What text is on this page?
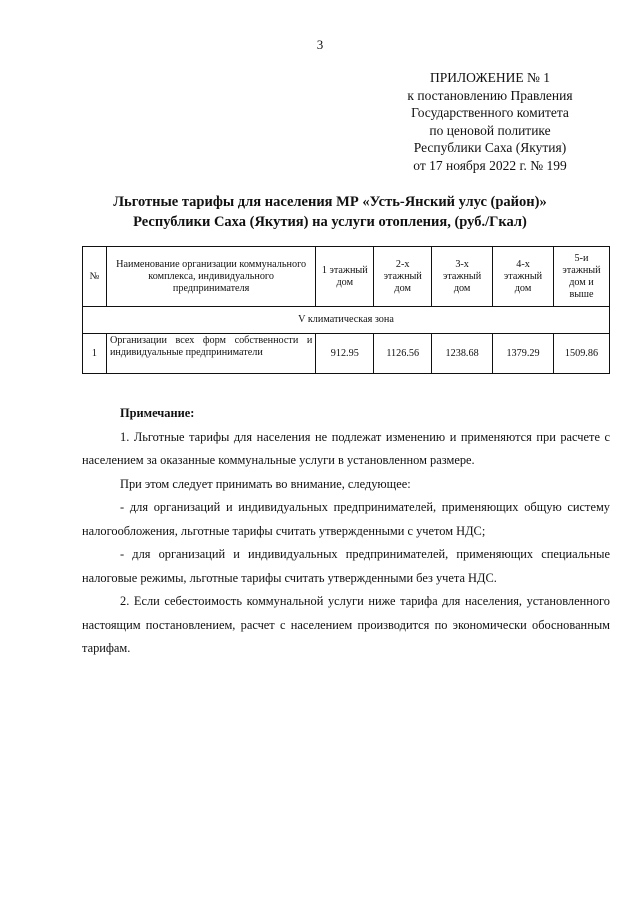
3
ПРИЛОЖЕНИЕ № 1
к постановлению Правления
Государственного комитета
по ценовой политике
Республики Саха (Якутия)
от 17 ноября 2022 г. № 199
Льготные тарифы для населения МР «Усть-Янский улус (район)»
Республики Саха (Якутия) на услуги отопления, (руб./Гкал)
№	Наименование организации коммунального комплекса, индивидуального предпринимателя	1 этажный дом	2-х этажный дом	3-х этажный дом	4-х этажный дом	5-и этажный дом и выше
V климатическая зона						
1	Организации всех форм собственности и индивидуальные предприниматели	912.95	1126.56	1238.68	1379.29	1509.86

Примечание:

1. Льготные тарифы для населения не подлежат изменению и применяются при расчете с населением за оказанные коммунальные услуги в установленном размере.

При этом следует принимать во внимание, следующее:

- для организаций и индивидуальных предпринимателей, применяющих общую систему налогообложения, льготные тарифы считать утвержденными с учетом НДС;

- для организаций и индивидуальных предпринимателей, применяющих специальные налоговые режимы, льготные тарифы считать утвержденными без учета НДС.

2. Если себестоимость коммунальной услуги ниже тарифа для населения, установленного настоящим постановлением, расчет с населением производится по экономически обоснованным тарифам.
